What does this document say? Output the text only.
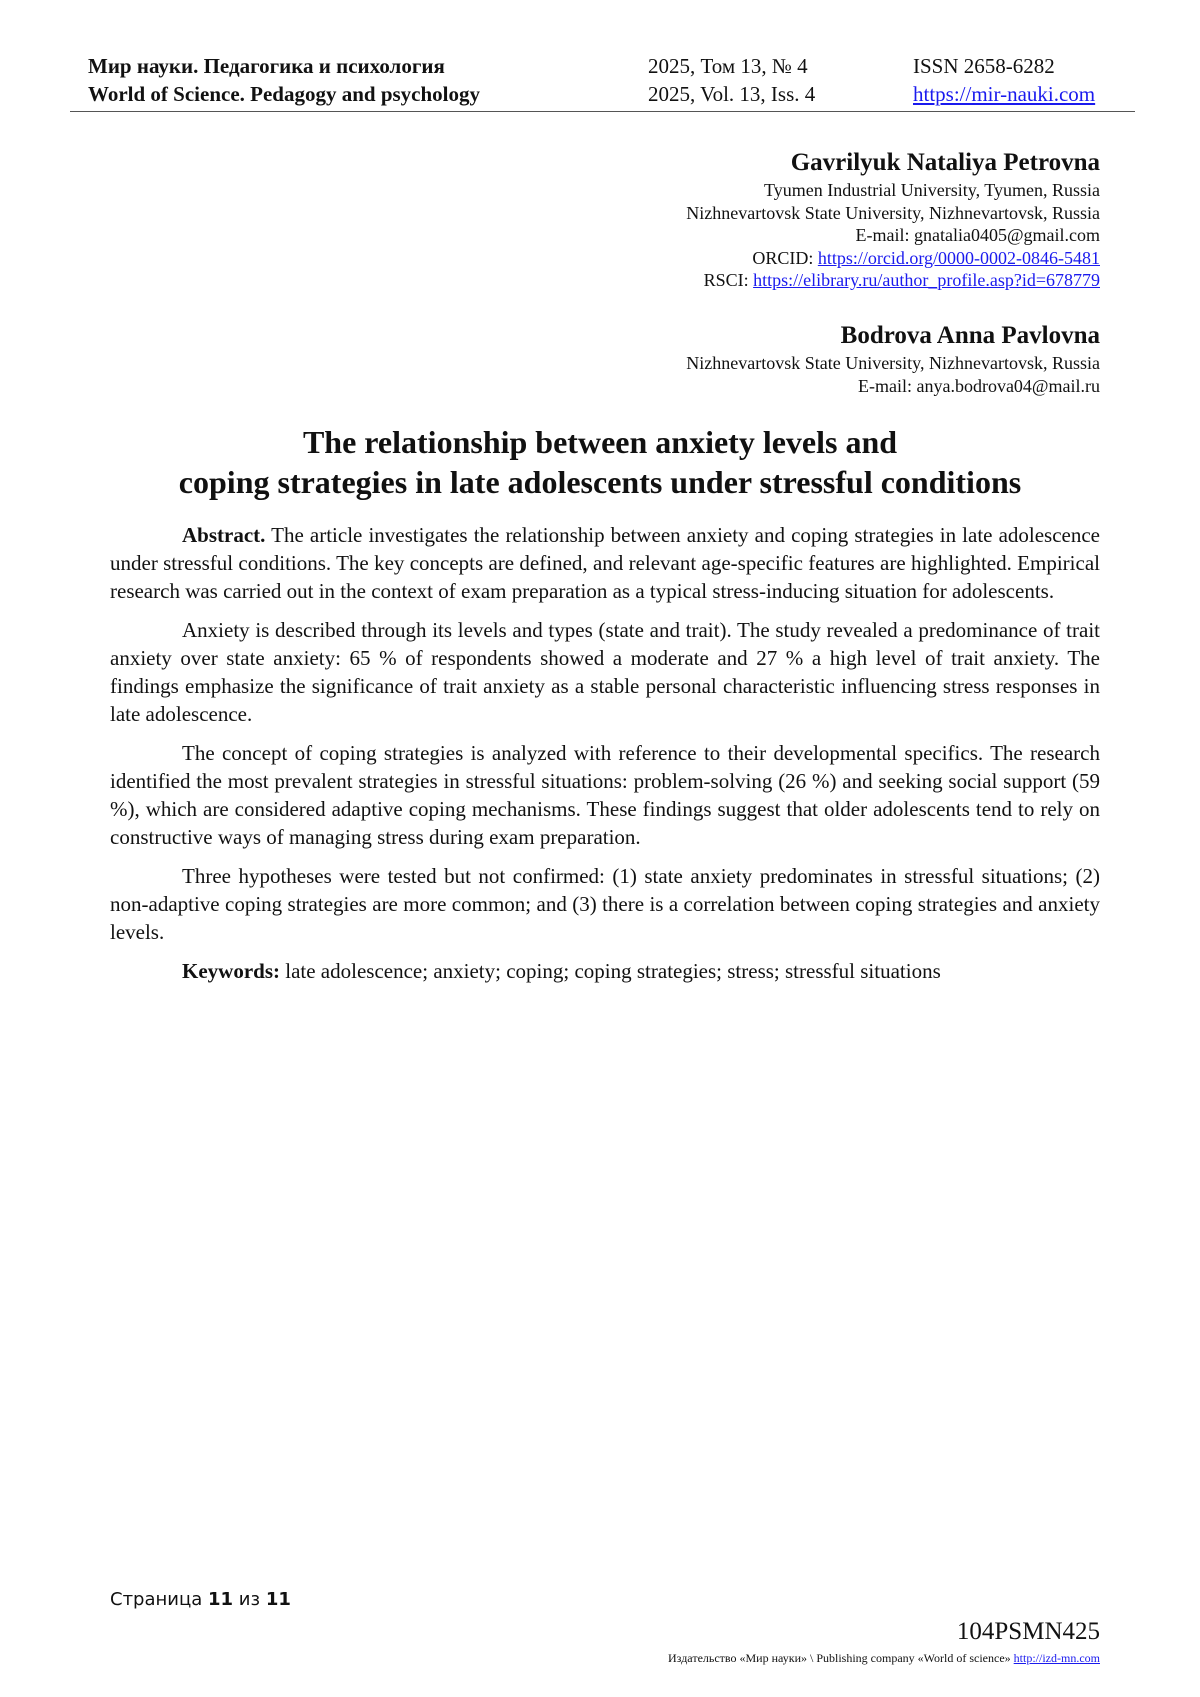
Мир науки. Педагогика и психология	2025, Том 13, № 4	ISSN 2658-6282
World of Science. Pedagogy and psychology	2025, Vol. 13, Iss. 4	https://mir-nauki.com
Gavrilyuk Nataliya Petrovna
Tyumen Industrial University, Tyumen, Russia
Nizhnevartovsk State University, Nizhnevartovsk, Russia
E-mail: gnatalia0405@gmail.com
ORCID: https://orcid.org/0000-0002-0846-5481
RSCI: https://elibrary.ru/author_profile.asp?id=678779
Bodrova Anna Pavlovna
Nizhnevartovsk State University, Nizhnevartovsk, Russia
E-mail: anya.bodrova04@mail.ru
The relationship between anxiety levels and
coping strategies in late adolescents under stressful conditions

Abstract. The article investigates the relationship between anxiety and coping strategies in late adolescence under stressful conditions. The key concepts are defined, and relevant age-specific features are highlighted. Empirical research was carried out in the context of exam preparation as a typical stress-inducing situation for adolescents.

Anxiety is described through its levels and types (state and trait). The study revealed a predominance of trait anxiety over state anxiety: 65 % of respondents showed a moderate and 27 % a high level of trait anxiety. The findings emphasize the significance of trait anxiety as a stable personal characteristic influencing stress responses in late adolescence.

The concept of coping strategies is analyzed with reference to their developmental specifics. The research identified the most prevalent strategies in stressful situations: problem-solving (26 %) and seeking social support (59 %), which are considered adaptive coping mechanisms. These findings suggest that older adolescents tend to rely on constructive ways of managing stress during exam preparation.

Three hypotheses were tested but not confirmed: (1) state anxiety predominates in stressful situations; (2) non-adaptive coping strategies are more common; and (3) there is a correlation between coping strategies and anxiety levels.

Keywords: late adolescence; anxiety; coping; coping strategies; stress; stressful situations

Страница 11 из 11
104PSMN425
Издательство «Мир науки» \ Publishing company «World of science» http://izd-mn.com
